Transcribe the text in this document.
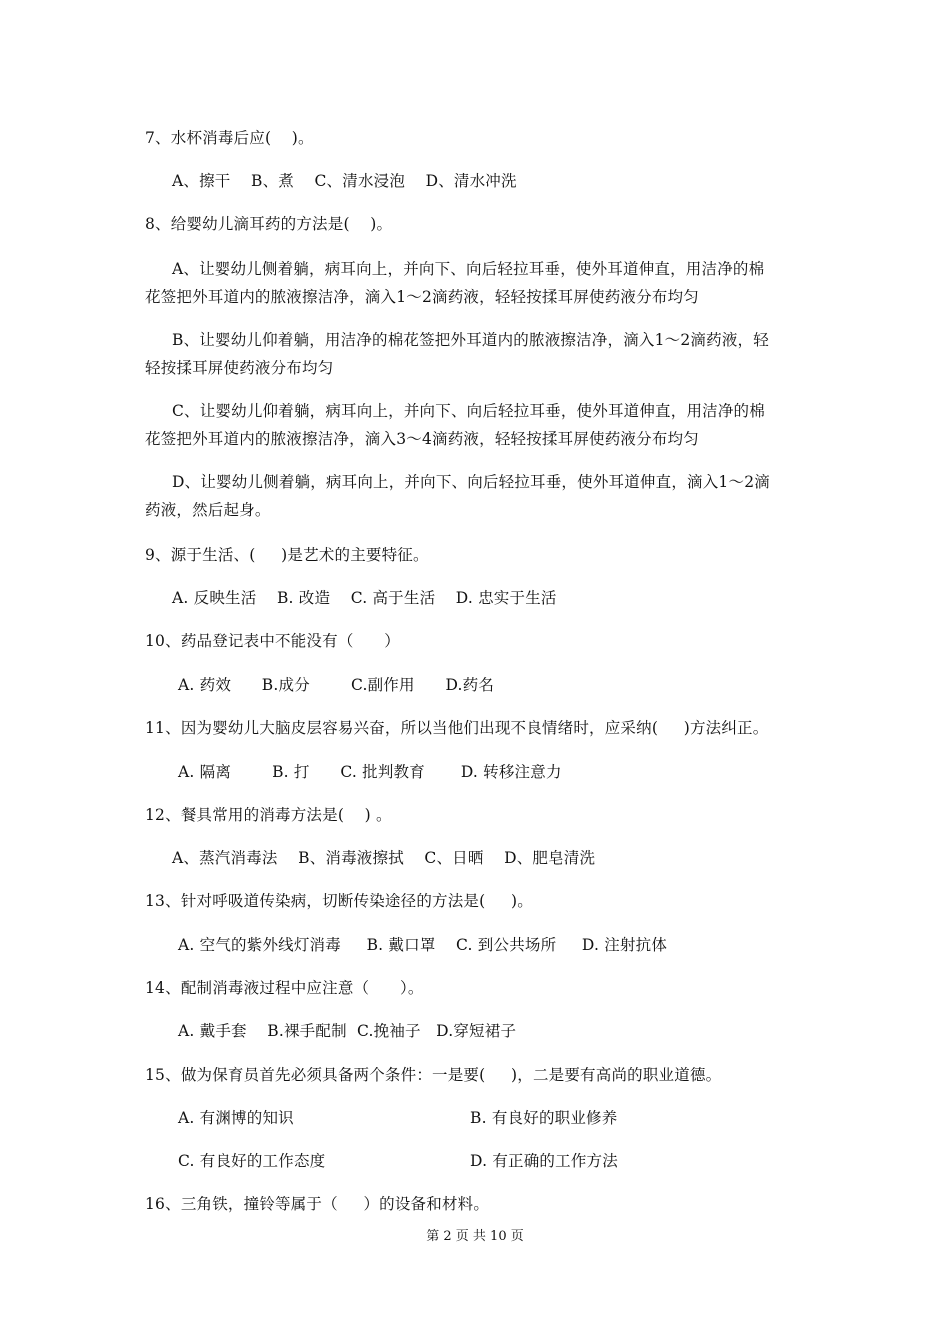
7、水杯消毒后应(    )。
A、擦干    B、煮    C、清水浸泡    D、清水冲洗
8、给婴幼儿滴耳药的方法是(    )。
A、让婴幼儿侧着躺，病耳向上，并向下、向后轻拉耳垂，使外耳道伸直，用洁净的棉
花签把外耳道内的脓液擦洁净，滴入1～2滴药液，轻轻按揉耳屏使药液分布均匀
B、让婴幼儿仰着躺，用洁净的棉花签把外耳道内的脓液擦洁净，滴入1～2滴药液，轻
轻按揉耳屏使药液分布均匀
C、让婴幼儿仰着躺，病耳向上，并向下、向后轻拉耳垂，使外耳道伸直，用洁净的棉
花签把外耳道内的脓液擦洁净，滴入3～4滴药液，轻轻按揉耳屏使药液分布均匀
D、让婴幼儿侧着躺，病耳向上，并向下、向后轻拉耳垂，使外耳道伸直，滴入1～2滴
药液，然后起身。
9、源于生活、(     )是艺术的主要特征。
A. 反映生活    B. 改造    C. 高于生活    D. 忠实于生活
10、药品登记表中不能没有（      ）
A. 药效      B.成分        C.副作用      D.药名
11、因为婴幼儿大脑皮层容易兴奋，所以当他们出现不良情绪时，应采纳(     )方法纠正。
A. 隔离        B. 打      C. 批判教育       D. 转移注意力
12、餐具常用的消毒方法是(    ) 。
A、蒸汽消毒法    B、消毒液擦拭    C、日晒    D、肥皂清洗
13、针对呼吸道传染病，切断传染途径的方法是(     )。
A. 空气的紫外线灯消毒     B. 戴口罩    C. 到公共场所     D. 注射抗体
14、配制消毒液过程中应注意（      ）。
A. 戴手套    B.裸手配制  C.挽袖子   D.穿短裙子
15、做为保育员首先必须具备两个条件：一是要(     )，二是要有高尚的职业道德。
A. 有渊博的知识	B. 有良好的职业修养
C. 有良好的工作态度	D. 有正确的工作方法
16、三角铁，撞铃等属于（     ）的设备和材料。
第 2 页 共 10 页
